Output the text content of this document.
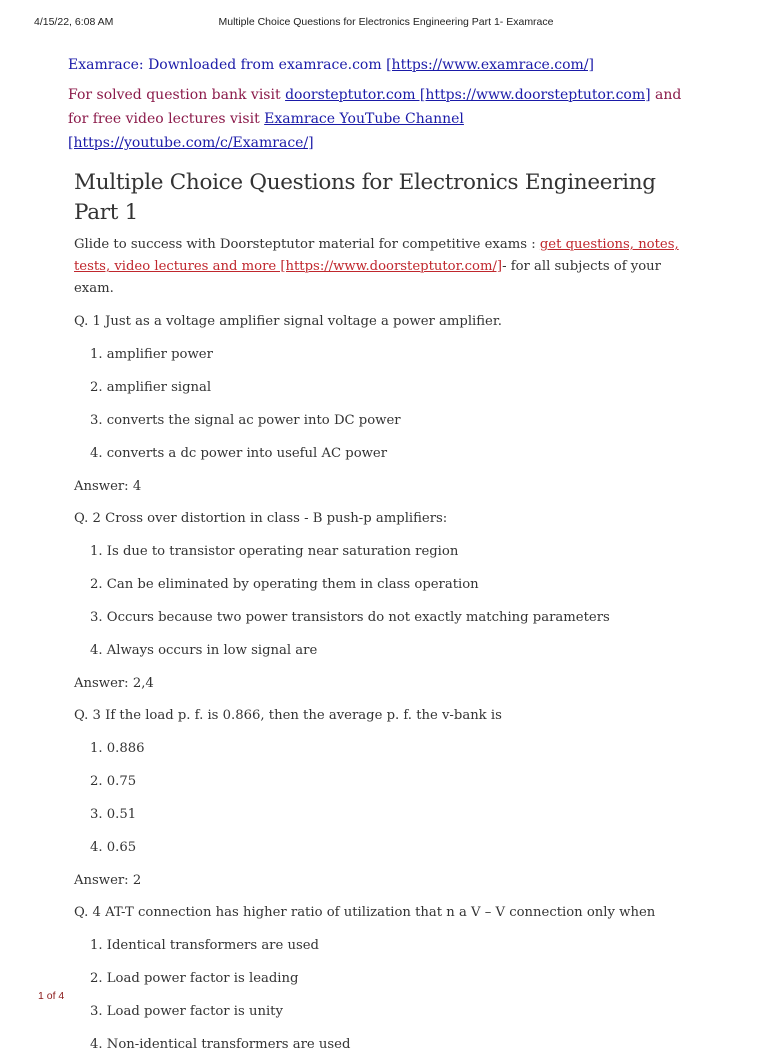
4/15/22, 6:08 AM	Multiple Choice Questions for Electronics Engineering Part 1- Examrace

Examrace: Downloaded from examrace.com [https://www.examrace.com/]

For solved question bank visit doorsteptutor.com [https://www.doorsteptutor.com] and for free video lectures visit Examrace YouTube Channel [https://youtube.com/c/Examrace/]

Multiple Choice Questions for Electronics Engineering Part 1

Glide to success with Doorsteptutor material for competitive exams : get questions, notes, tests, video lectures and more [https://www.doorsteptutor.com/]- for all subjects of your exam.

Q. 1 Just as a voltage amplifier signal voltage a power amplifier.

1. amplifier power
2. amplifier signal
3. converts the signal ac power into DC power
4. converts a dc power into useful AC power

Answer: 4

Q. 2 Cross over distortion in class - B push-p amplifiers:

1. Is due to transistor operating near saturation region
2. Can be eliminated by operating them in class operation
3. Occurs because two power transistors do not exactly matching parameters
4. Always occurs in low signal are

Answer: 2,4

Q. 3 If the load p. f. is 0.866, then the average p. f. the v-bank is

1. 0.886
2. 0.75
3. 0.51
4. 0.65

Answer: 2

Q. 4 AT-T connection has higher ratio of utilization that n a V – V connection only when

1. Identical transformers are used
2. Load power factor is leading
3. Load power factor is unity
4. Non-identical transformers are used
1 of 4
